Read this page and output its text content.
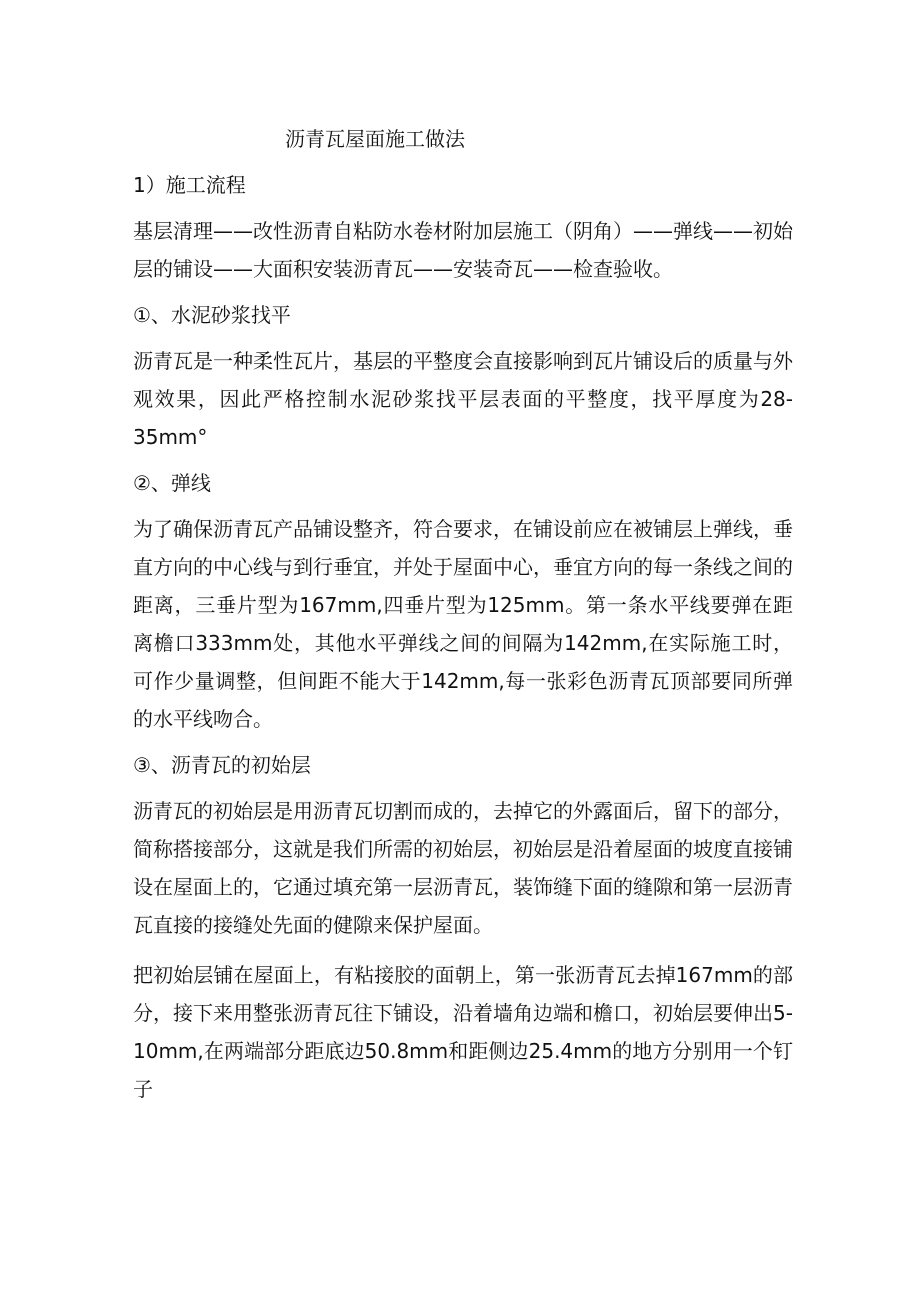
沥青瓦屋面施工做法

1）施工流程

基层清理——改性沥青自粘防水卷材附加层施工（阴角）——弹线——初始层的铺设——大面积安装沥青瓦——安装奇瓦——检查验收。

①、水泥砂浆找平

沥青瓦是一种柔性瓦片，基层的平整度会直接影响到瓦片铺设后的质量与外观效果，因此严格控制水泥砂浆找平层表面的平整度，找平厚度为28-35mm°

②、弹线

为了确保沥青瓦产品铺设整齐，符合要求，在铺设前应在被铺层上弹线，垂直方向的中心线与到行垂宜，并处于屋面中心，垂宜方向的每一条线之间的距离，三垂片型为167mm,四垂片型为125mm。第一条水平线要弹在距离檐口333mm处，其他水平弹线之间的间隔为142mm,在实际施工时，可作少量调整，但间距不能大于142mm,每一张彩色沥青瓦顶部要同所弹的水平线吻合。

③、沥青瓦的初始层

沥青瓦的初始层是用沥青瓦切割而成的，去掉它的外露面后，留下的部分，简称搭接部分，这就是我们所需的初始层，初始层是沿着屋面的坡度直接铺设在屋面上的，它通过填充第一层沥青瓦，装饰缝下面的缝隙和第一层沥青瓦直接的接缝处先面的健隙来保护屋面。

把初始层铺在屋面上，有粘接胶的面朝上，第一张沥青瓦去掉167mm的部分，接下来用整张沥青瓦往下铺设，沿着墙角边端和檐口，初始层要伸出5-10mm,在两端部分距底边50.8mm和距侧边25.4mm的地方分别用一个钉子
